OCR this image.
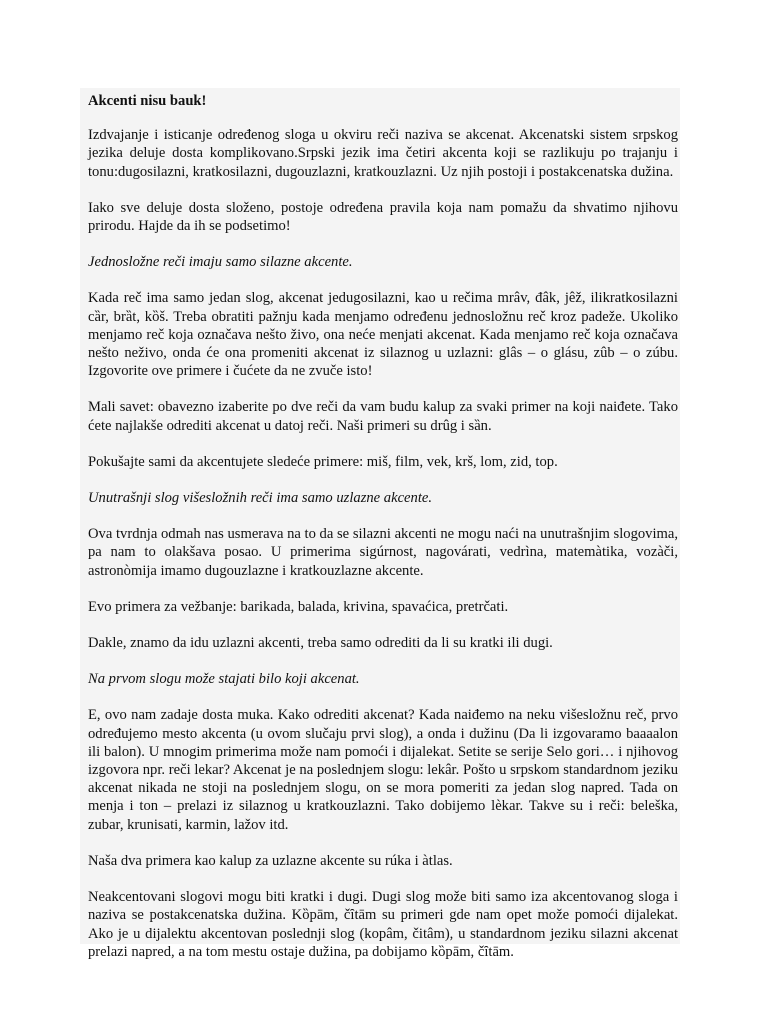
Akcenti nisu bauk!

Izdvajanje i isticanje određenog sloga u okviru reči naziva se akcenat. Akcenatski sistem srpskog jezika deluje dosta komplikovano.Srpski jezik ima četiri akcenta koji se razlikuju po trajanju i tonu:dugosilazni, kratkosilazni, dugouzlazni, kratkouzlazni. Uz njih postoji i postakcenatska dužina.

Iako sve deluje dosta složeno, postoje određena pravila koja nam pomažu da shvatimo njihovu prirodu. Hajde da ih se podsetimo!

Jednosložne reči imaju samo silazne akcente.

Kada reč ima samo jedan slog, akcenat jedugosilazni, kao u rečima mrâv, đâk, jêž, ilikratkosilazni cȁr, brȁt, kȍš. Treba obratiti pažnju kada menjamo određenu jednosložnu reč kroz padeže. Ukoliko menjamo reč koja označava nešto živo, ona neće menjati akcenat. Kada menjamo reč koja označava nešto neživo, onda će ona promeniti akcenat iz silaznog u uzlazni: glâs – o glásu, zûb – o zúbu. Izgovorite ove primere i čućete da ne zvuče isto!

Mali savet: obavezno izaberite po dve reči da vam budu kalup za svaki primer na koji naiđete. Tako ćete najlakše odrediti akcenat u datoj reči. Naši primeri su drûg i sȁn.

Pokušajte sami da akcentujete sledeće primere: miš, film, vek, krš, lom, zid, top.

Unutrašnji slog višesložnih reči ima samo uzlazne akcente.

Ova tvrdnja odmah nas usmerava na to da se silazni akcenti ne mogu naći na unutrašnjim slogovima, pa nam to olakšava posao. U primerima sigúrnost, nagovárati, vedrìna, matemàtika, vozàči, astronòmija imamo dugouzlazne i kratkouzlazne akcente.

Evo primera za vežbanje: barikada, balada, krivina, spavaćica, pretrčati.

Dakle, znamo da idu uzlazni akcenti, treba samo odrediti da li su kratki ili dugi.

Na prvom slogu može stajati bilo koji akcenat.

E, ovo nam zadaje dosta muka. Kako odrediti akcenat? Kada naiđemo na neku višesložnu reč, prvo određujemo mesto akcenta (u ovom slučaju prvi slog), a onda i dužinu (Da li izgovaramo baaaalon ili balon). U mnogim primerima može nam pomoći i dijalekat. Setite se serije Selo gori… i njihovog izgovora npr. reči lekar? Akcenat je na poslednjem slogu: lekâr. Pošto u srpskom standardnom jeziku akcenat nikada ne stoji na poslednjem slogu, on se mora pomeriti za jedan slog napred. Tada on menja i ton – prelazi iz silaznog u kratkouzlazni. Tako dobijemo lèkar. Takve su i reči: beleška, zubar, krunisati, karmin, lažov itd.

Naša dva primera kao kalup za uzlazne akcente su rúka i àtlas.

Neakcentovani slogovi mogu biti kratki i dugi. Dugi slog može biti samo iza akcentovanog sloga i naziva se postakcenatska dužina. Kȍpām, čȋtām su primeri gde nam opet može pomoći dijalekat. Ako je u dijalektu akcentovan poslednji slog (kopâm, čitâm), u standardnom jeziku silazni akcenat prelazi napred, a na tom mestu ostaje dužina, pa dobijamo kȍpām, čȋtām.
